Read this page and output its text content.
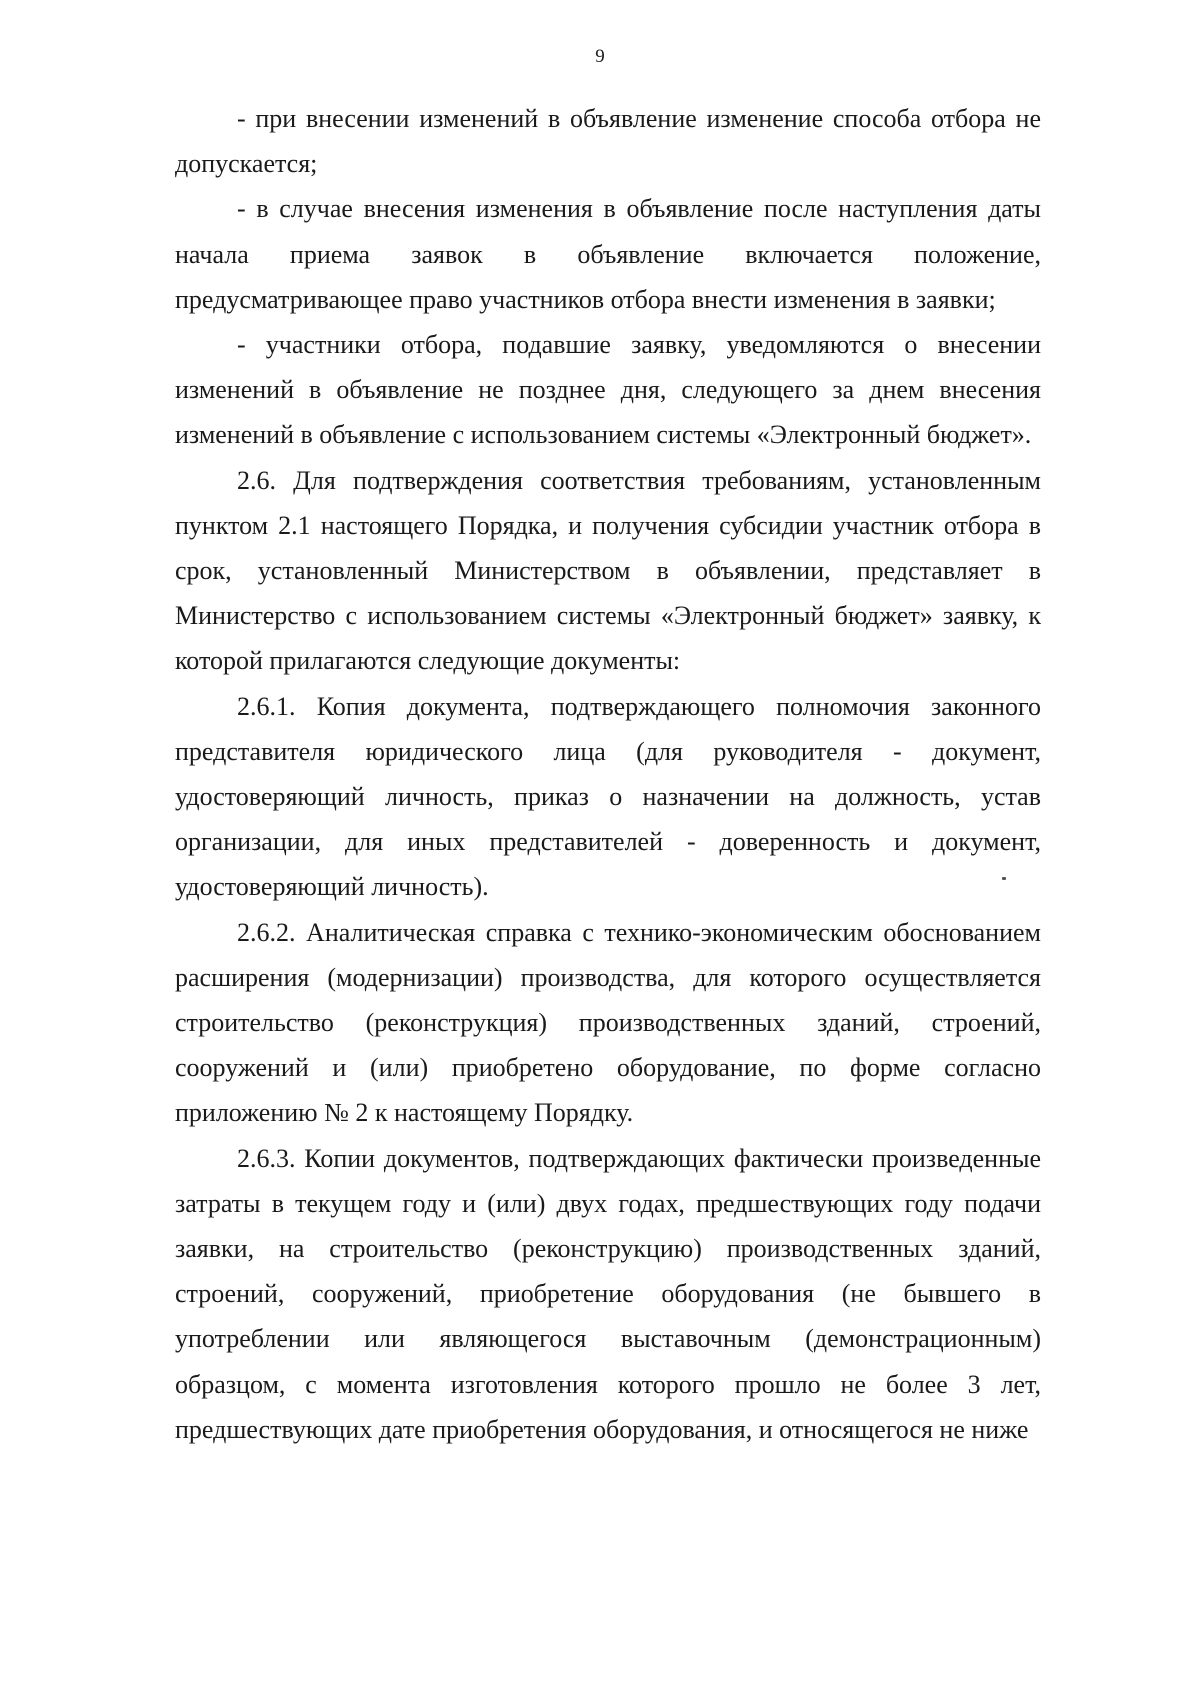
9

- при внесении изменений в объявление изменение способа отбора не допускается;

- в случае внесения изменения в объявление после наступления даты начала приема заявок в объявление включается положение, предусматривающее право участников отбора внести изменения в заявки;

- участники отбора, подавшие заявку, уведомляются о внесении изменений в объявление не позднее дня, следующего за днем внесения изменений в объявление с использованием системы «Электронный бюджет».

2.6. Для подтверждения соответствия требованиям, установленным пунктом 2.1 настоящего Порядка, и получения субсидии участник отбора в срок, установленный Министерством в объявлении, представляет в Министерство с использованием системы «Электронный бюджет» заявку, к которой прилагаются следующие документы:

2.6.1. Копия документа, подтверждающего полномочия законного представителя юридического лица (для руководителя - документ, удостоверяющий личность, приказ о назначении на должность, устав организации, для иных представителей - доверенность и документ, удостоверяющий личность).

2.6.2. Аналитическая справка с технико-экономическим обоснованием расширения (модернизации) производства, для которого осуществляется строительство (реконструкция) производственных зданий, строений, сооружений и (или) приобретено оборудование, по форме согласно приложению № 2 к настоящему Порядку.

2.6.3. Копии документов, подтверждающих фактически произведенные затраты в текущем году и (или) двух годах, предшествующих году подачи заявки, на строительство (реконструкцию) производственных зданий, строений, сооружений, приобретение оборудования (не бывшего в употреблении или являющегося выставочным (демонстрационным) образцом, с момента изготовления которого прошло не более 3 лет, предшествующих дате приобретения оборудования, и относящегося не ниже
